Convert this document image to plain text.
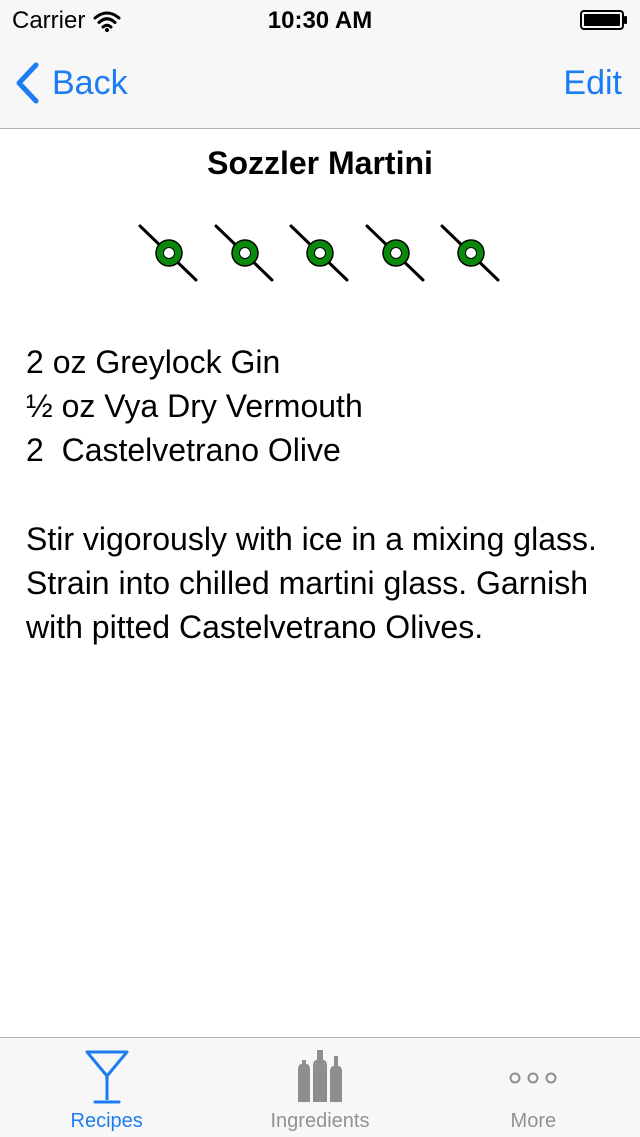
Carrier	10:30 AM
Back	Edit
Sozzler Martini
2 oz Greylock Gin
½ oz Vya Dry Vermouth
2  Castelvetrano Olive
Stir vigorously with ice in a mixing glass. Strain into chilled martini glass. Garnish with pitted Castelvetrano Olives.
Recipes	Ingredients	More
